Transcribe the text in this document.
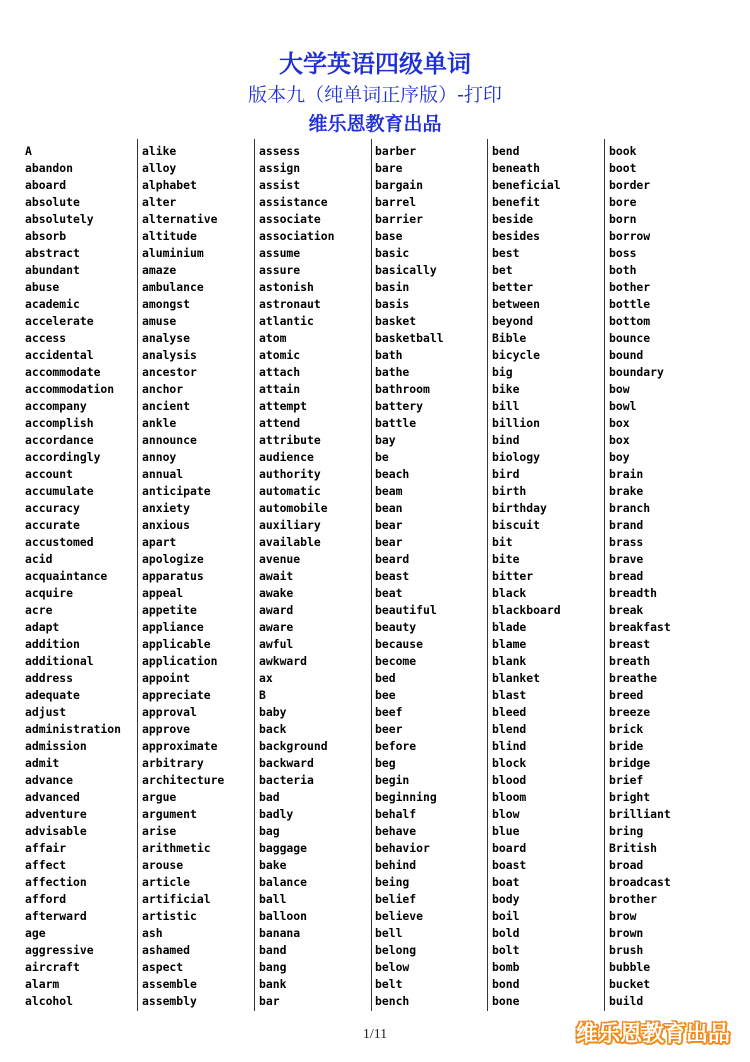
大学英语四级单词
版本九（纯单词正序版）-打印
维乐恩教育出品
A
abandon
aboard
absolute
absolutely
absorb
abstract
abundant
abuse
academic
accelerate
access
accidental
accommodate
accommodation
accompany
accomplish
accordance
accordingly
account
accumulate
accuracy
accurate
accustomed
acid
acquaintance
acquire
acre
adapt
addition
additional
address
adequate
adjust
administration
admission
admit
advance
advanced
adventure
advisable
affair
affect
affection
afford
afterward
age
aggressive
aircraft
alarm
alcohol
alike
alloy
alphabet
alter
alternative
altitude
aluminium
amaze
ambulance
amongst
amuse
analyse
analysis
ancestor
anchor
ancient
ankle
announce
annoy
annual
anticipate
anxiety
anxious
apart
apologize
apparatus
appeal
appetite
appliance
applicable
application
appoint
appreciate
approval
approve
approximate
arbitrary
architecture
argue
argument
arise
arithmetic
arouse
article
artificial
artistic
ash
ashamed
aspect
assemble
assembly
assess
assign
assist
assistance
associate
association
assume
assure
astonish
astronaut
atlantic
atom
atomic
attach
attain
attempt
attend
attribute
audience
authority
automatic
automobile
auxiliary
available
avenue
await
awake
award
aware
awful
awkward
ax
B
baby
back
background
backward
bacteria
bad
badly
bag
baggage
bake
balance
ball
balloon
banana
band
bang
bank
bar
barber
bare
bargain
barrel
barrier
base
basic
basically
basin
basis
basket
basketball
bath
bathe
bathroom
battery
battle
bay
be
beach
beam
bean
bear
bear
beard
beast
beat
beautiful
beauty
because
become
bed
bee
beef
beer
before
beg
begin
beginning
behalf
behave
behavior
behind
being
belief
believe
bell
belong
below
belt
bench
bend
beneath
beneficial
benefit
beside
besides
best
bet
better
between
beyond
Bible
bicycle
big
bike
bill
billion
bind
biology
bird
birth
birthday
biscuit
bit
bite
bitter
black
blackboard
blade
blame
blank
blanket
blast
bleed
blend
blind
block
blood
bloom
blow
blue
board
boast
boat
body
boil
bold
bolt
bomb
bond
bone
book
boot
border
bore
born
borrow
boss
both
bother
bottle
bottom
bounce
bound
boundary
bow
bowl
box
box
boy
brain
brake
branch
brand
brass
brave
bread
breadth
break
breakfast
breast
breath
breathe
breed
breeze
brick
bride
bridge
brief
bright
brilliant
bring
British
broad
broadcast
brother
brow
brown
brush
bubble
bucket
build
1/11	维乐恩教育出品
